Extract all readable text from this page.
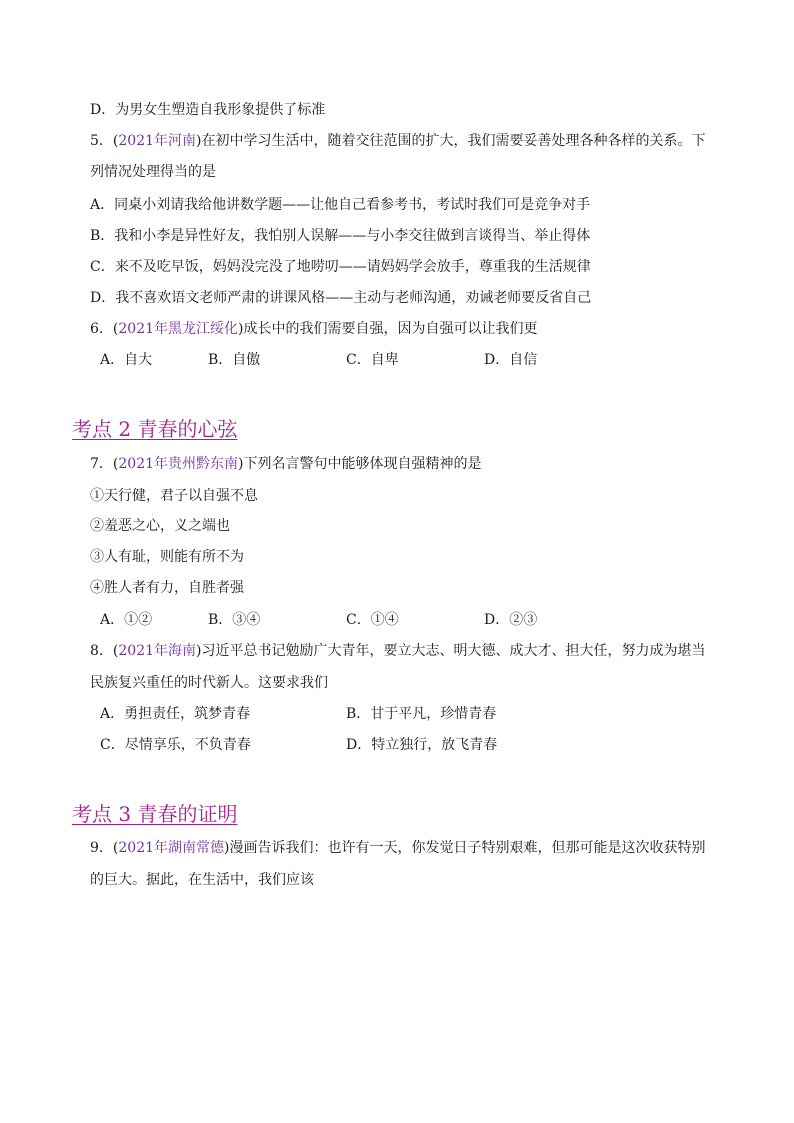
D．为男女生塑造自我形象提供了标准
5．(2021年河南)在初中学习生活中，随着交往范围的扩大，我们需要妥善处理各种各样的关系。下
列情况处理得当的是
A．同桌小刘请我给他讲数学题——让他自己看参考书，考试时我们可是竞争对手
B．我和小李是异性好友，我怕别人误解——与小李交往做到言谈得当、举止得体
C．来不及吃早饭，妈妈没完没了地唠叨——请妈妈学会放手，尊重我的生活规律
D．我不喜欢语文老师严肃的讲课风格——主动与老师沟通，劝诫老师要反省自己
6．(2021年黑龙江绥化)成长中的我们需要自强，因为自强可以让我们更
A．自大	B．自傲	C．自卑	D．自信
考点 2 青春的心弦
7．(2021年贵州黔东南)下列名言警句中能够体现自强精神的是
①天行健，君子以自强不息
②羞恶之心，义之端也
③人有耻，则能有所不为
④胜人者有力，自胜者强
A．①②	B．③④	C．①④	D．②③
8．(2021年海南)习近平总书记勉励广大青年，要立大志、明大德、成大才、担大任，努力成为堪当
民族复兴重任的时代新人。这要求我们
A．勇担责任，筑梦青春	B．甘于平凡，珍惜青春
C．尽情享乐，不负青春	D．特立独行，放飞青春
考点 3 青春的证明
9．(2021年湖南常德)漫画告诉我们：也许有一天，你发觉日子特别艰难，但那可能是这次收获特别
的巨大。据此，在生活中，我们应该
